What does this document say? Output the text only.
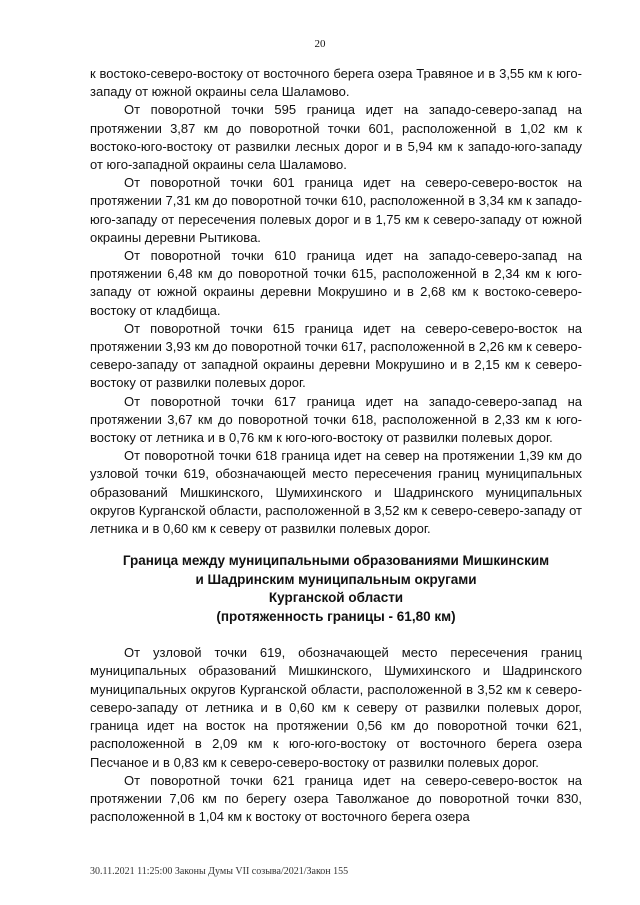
20

к востоко-северо-востоку от восточного берега озера Травяное и в 3,55 км к юго-западу от южной окраины села Шаламово.

От поворотной точки 595 граница идет на западо-северо-запад на протяжении 3,87 км до поворотной точки 601, расположенной в 1,02 км к востоко-юго-востоку от развилки лесных дорог и в 5,94 км к западо-юго-западу от юго-западной окраины села Шаламово.

От поворотной точки 601 граница идет на северо-северо-восток на протяжении 7,31 км до поворотной точки 610, расположенной в 3,34 км к западо-юго-западу от пересечения полевых дорог и в 1,75 км к северо-западу от южной окраины деревни Рытикова.

От поворотной точки 610 граница идет на западо-северо-запад на протяжении 6,48 км до поворотной точки 615, расположенной в 2,34 км к юго-западу от южной окраины деревни Мокрушино и в 2,68 км к востоко-северо-востоку от кладбища.

От поворотной точки 615 граница идет на северо-северо-восток на протяжении 3,93 км до поворотной точки 617, расположенной в 2,26 км к северо-северо-западу от западной окраины деревни Мокрушино и в 2,15 км к северо-востоку от развилки полевых дорог.

От поворотной точки 617 граница идет на западо-северо-запад на протяжении 3,67 км до поворотной точки 618, расположенной в 2,33 км к юго-востоку от летника и в 0,76 км к юго-юго-востоку от развилки полевых дорог.

От поворотной точки 618 граница идет на север на протяжении 1,39 км до узловой точки 619, обозначающей место пересечения границ муниципальных образований Мишкинского, Шумихинского и Шадринского муниципальных округов Курганской области, расположенной в 3,52 км к северо-северо-западу от летника и в 0,60 км к северу от развилки полевых дорог.

Граница между муниципальными образованиями Мишкинским
и Шадринским муниципальным округами
Курганской области
(протяженность границы - 61,80 км)

От узловой точки 619, обозначающей место пересечения границ муниципальных образований Мишкинского, Шумихинского и Шадринского муниципальных округов Курганской области, расположенной в 3,52 км к северо-северо-западу от летника и в 0,60 км к северу от развилки полевых дорог, граница идет на восток на протяжении 0,56 км до поворотной точки 621, расположенной в 2,09 км к юго-юго-востоку от восточного берега озера Песчаное и в 0,83 км к северо-северо-востоку от развилки полевых дорог.

От поворотной точки 621 граница идет на северо-северо-восток на протяжении 7,06 км по берегу озера Таволжаное до поворотной точки 830, расположенной в 1,04 км к востоку от восточного берега озера

30.11.2021 11:25:00 Законы Думы VII созыва/2021/Закон 155
